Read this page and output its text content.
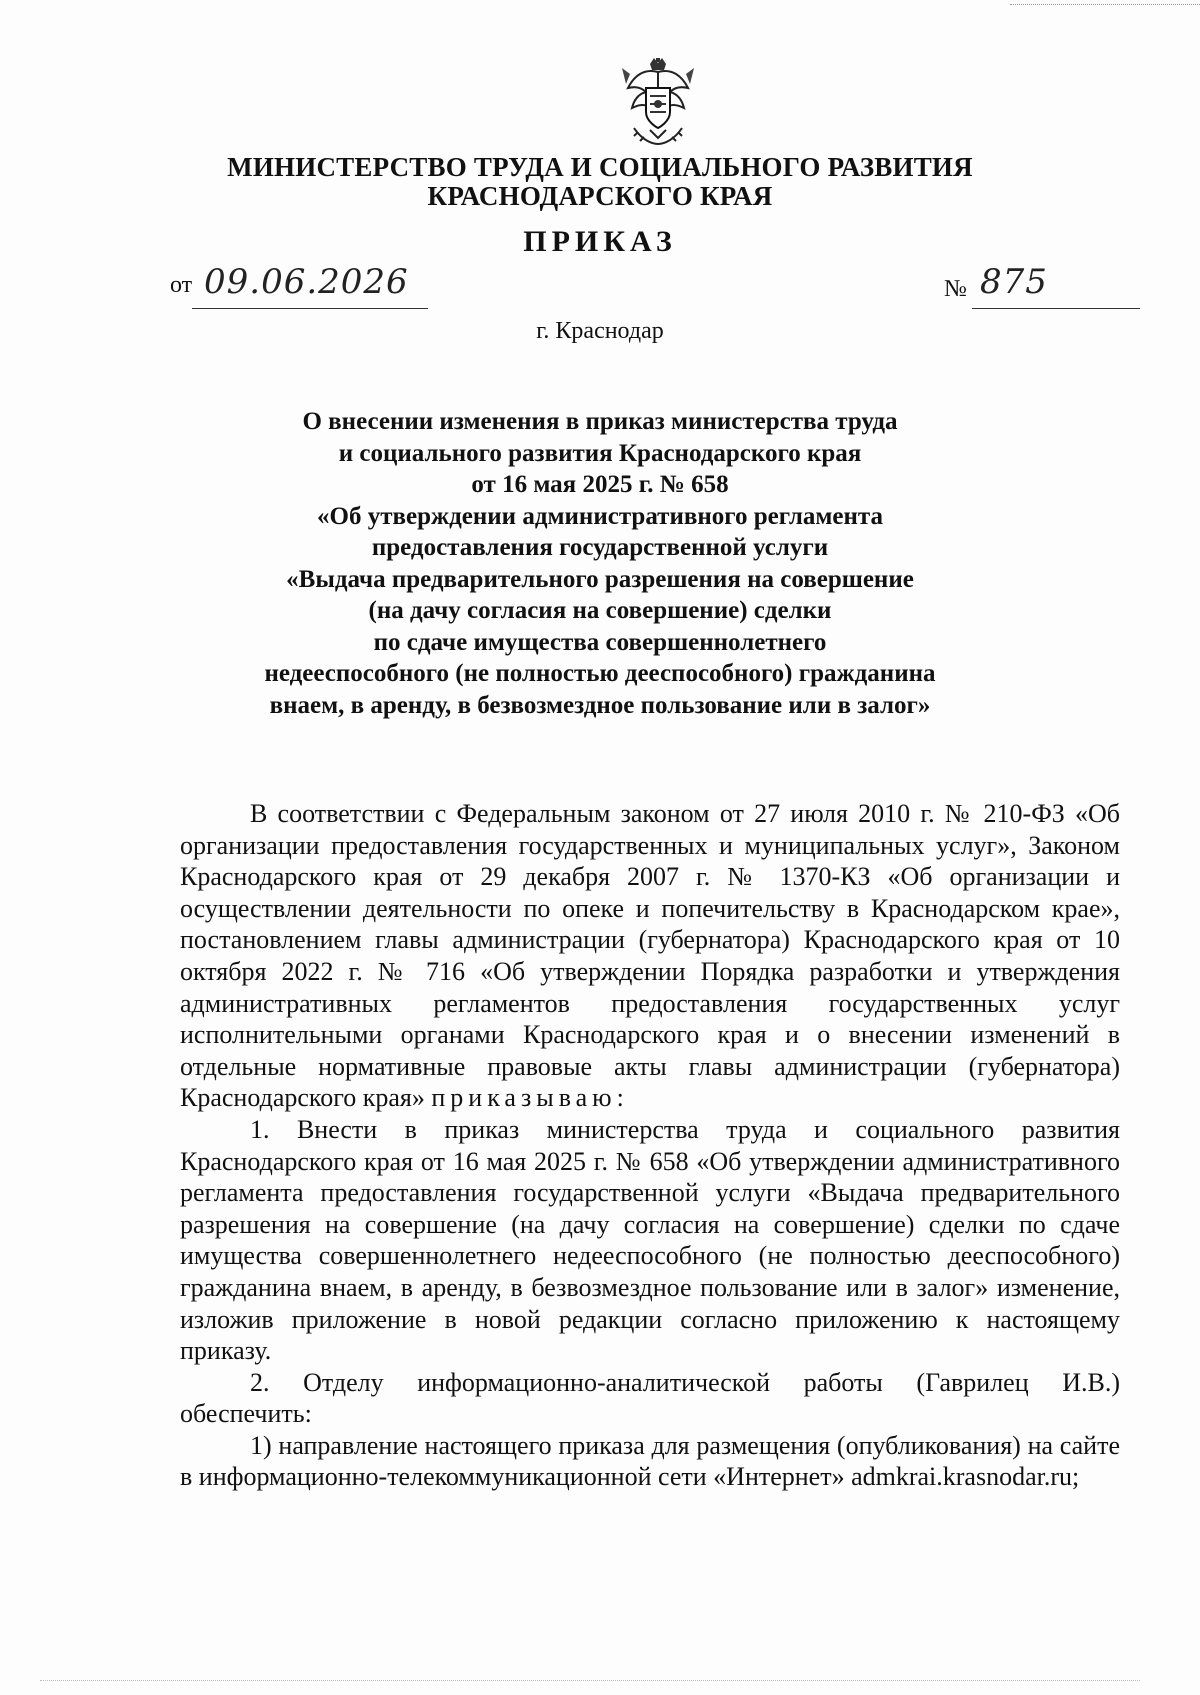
МИНИСТЕРСТВО ТРУДА И СОЦИАЛЬНОГО РАЗВИТИЯ
КРАСНОДАРСКОГО КРАЯ
ПРИКАЗ
от 09.06.2026	№ 875
г. Краснодар
О внесении изменения в приказ министерства труда
и социального развития Краснодарского края
от 16 мая 2025 г. № 658
«Об утверждении административного регламента
предоставления государственной услуги
«Выдача предварительного разрешения на совершение
(на дачу согласия на совершение) сделки
по сдаче имущества совершеннолетнего
недееспособного (не полностью дееспособного) гражданина
внаем, в аренду, в безвозмездное пользование или в залог»

В соответствии с Федеральным законом от 27 июля 2010 г. № 210-ФЗ «Об организации предоставления государственных и муниципальных услуг», Законом Краснодарского края от 29 декабря 2007 г. № 1370-КЗ «Об организации и осуществлении деятельности по опеке и попечительству в Краснодарском крае», постановлением главы администрации (губернатора) Краснодарского края от 10 октября 2022 г. № 716 «Об утверждении Порядка разработки и утверждения административных регламентов предоставления государственных услуг исполнительными органами Краснодарского края и о внесении изменений в отдельные нормативные правовые акты главы администрации (губернатора) Краснодарского края» приказываю:

1. Внести в приказ министерства труда и социального развития Краснодарского края от 16 мая 2025 г. № 658 «Об утверждении административного регламента предоставления государственной услуги «Выдача предварительного разрешения на совершение (на дачу согласия на совершение) сделки по сдаче имущества совершеннолетнего недееспособного (не полностью дееспособного) гражданина внаем, в аренду, в безвозмездное пользование или в залог» изменение, изложив приложение в новой редакции согласно приложению к настоящему приказу.

2. Отделу информационно-аналитической работы (Гаврилец И.В.) обеспечить:

1) направление настоящего приказа для размещения (опубликования) на сайте в информационно-телекоммуникационной сети «Интернет» admkrai.krasnodar.ru;
